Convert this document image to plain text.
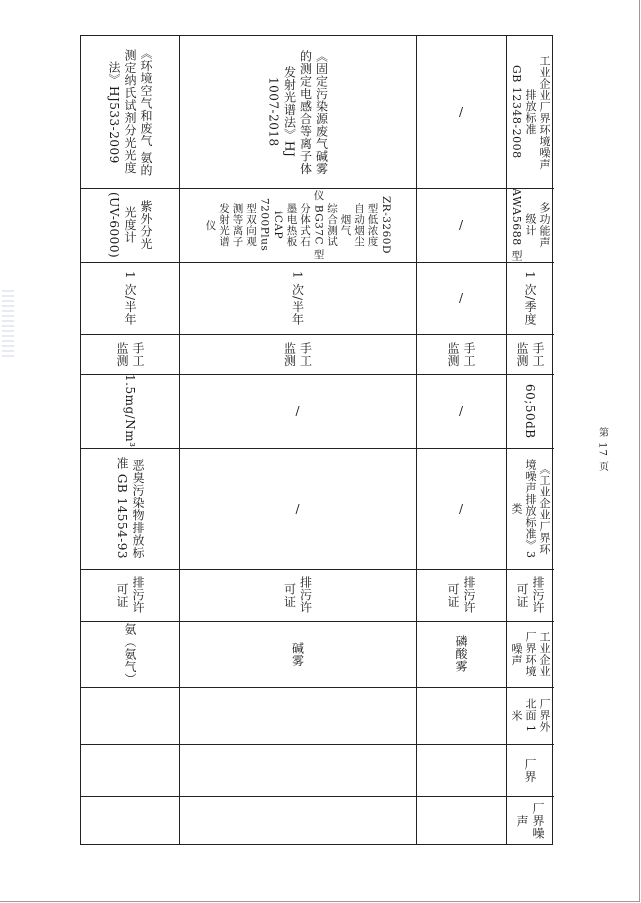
《环境空气和废气 氨的
测定纳氏试剂分光光度
法》HJ533-2009
紫外分光
光度计
(UV-6000)
1 次/半年
手工
监测
1.5mg/Nm³
恶臭污染物排放标
准 GB 14554-93
排污许
可证
氨（氨气）
《固定污染源废气碱雾
的测定电感合等离子体
发射光谱法》HJ
1007-2018
ZR-3260D
型低浓度
自动烟尘
烟气
综合测试
仪 BG37C 型
分体式石
墨电热板
iCAP
7200Plus
型双向观
测等离子
发射光谱
仪
1 次/半年
手工
监测
/
/
排污许
可证
碱雾
/
/
/
手工
监测
/
/
排污许
可证
磷酸雾
工业企业厂界环境噪声
排放标准
GB 12348-2008
多功能声
级计
AWA5688 型
1 次/季度
手工
监测
60;50dB
《工业企业厂界环
境噪声排放标准》3
类
排污许
可证
工业企业
厂界环境
噪声
厂界外
北面 1
米
厂界
厂界噪
声
第 17 页
